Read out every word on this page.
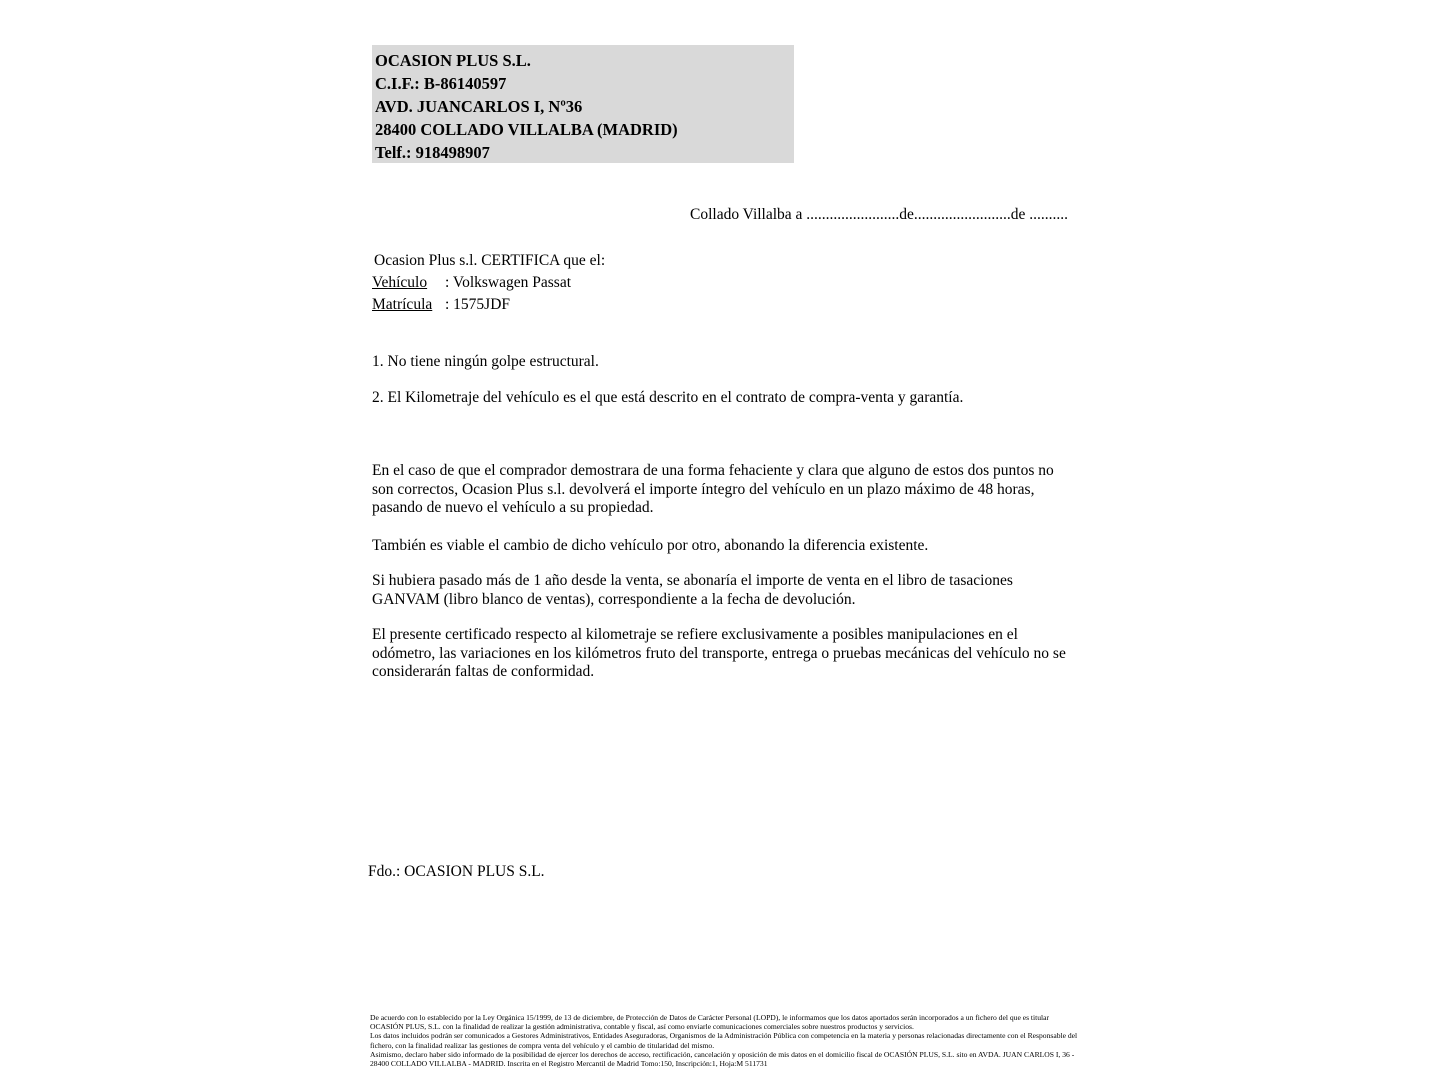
OCASION PLUS S.L.
C.I.F.: B-86140597
AVD. JUANCARLOS I, Nº36
28400 COLLADO VILLALBA (MADRID)
Telf.: 918498907
Collado Villalba a ........................de.........................de ..........
Ocasion Plus s.l. CERTIFICA que el:
Vehículo : Volkswagen Passat
Matrícula : 1575JDF
1. No tiene ningún golpe estructural.
2. El Kilometraje del vehículo es el que está descrito en el contrato de compra-venta y garantía.
En el caso de que el comprador demostrara de una forma fehaciente y clara que alguno de estos dos puntos no son correctos, Ocasion Plus s.l. devolverá el importe íntegro del vehículo en un plazo máximo de 48 horas, pasando de nuevo el vehículo a su propiedad.
También es viable el cambio de dicho vehículo por otro, abonando la diferencia existente.
Si hubiera pasado más de 1 año desde la venta, se abonaría el importe de venta en el libro de tasaciones GANVAM (libro blanco de ventas), correspondiente a la fecha de devolución.
El presente certificado respecto al kilometraje se refiere exclusivamente a posibles manipulaciones en el odómetro, las variaciones en los kilómetros fruto del transporte, entrega o pruebas mecánicas del vehículo no se considerarán faltas de conformidad.
Fdo.: OCASION PLUS S.L.
De acuerdo con lo establecido por la Ley Orgánica 15/1999, de 13 de diciembre, de Protección de Datos de Carácter Personal (LOPD), le informamos que los datos aportados serán incorporados a un fichero del que es titular OCASIÓN PLUS, S.L. con la finalidad de realizar la gestión administrativa, contable y fiscal, así como enviarle comunicaciones comerciales sobre nuestros productos y servicios.
Los datos incluidos podrán ser comunicados a Gestores Administrativos, Entidades Aseguradoras, Organismos de la Administración Pública con competencia en la materia y personas relacionadas directamente con el Responsable del fichero, con la finalidad realizar las gestiones de compra venta del vehículo y el cambio de titularidad del mismo.
Asimismo, declaro haber sido informado de la posibilidad de ejercer los derechos de acceso, rectificación, cancelación y oposición de mis datos en el domicilio fiscal de OCASIÓN PLUS, S.L. sito en AVDA. JUAN CARLOS I, 36 - 28400 COLLADO VILLALBA - MADRID. Inscrita en el Registro Mercantil de Madrid Tomo:150, Inscripción:1, Hoja:M 511731
